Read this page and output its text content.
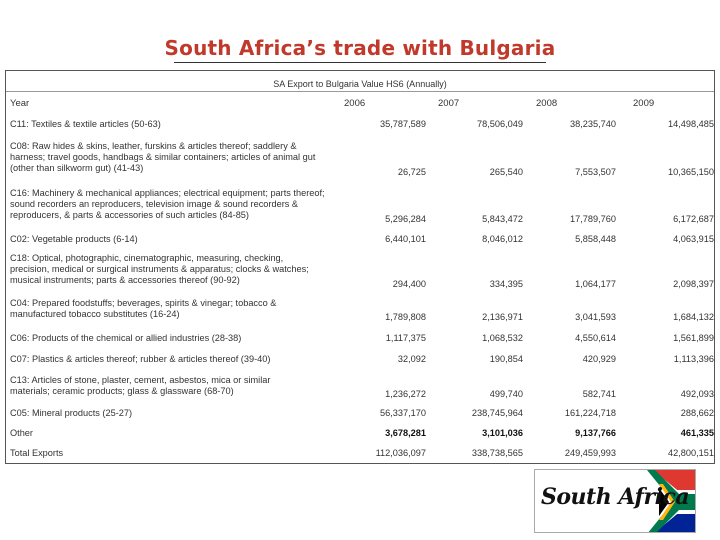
South Africa’s trade with Bulgaria
SA Export to Bulgaria Value HS6 (Annually)
Year	2006	2007	2008	2009
C11: Textiles & textile articles (50-63)	35,787,589	78,506,049	38,235,740	14,498,485
C08: Raw hides & skins, leather, furskins & articles thereof; saddlery & harness; travel goods, handbags & similar containers; articles of animal gut (other than silkworm gut) (41-43)	26,725	265,540	7,553,507	10,365,150
C16: Machinery & mechanical appliances; electrical equipment; parts thereof; sound recorders an reproducers, television image & sound recorders & reproducers, & parts & accessories of such articles (84-85)	5,296,284	5,843,472	17,789,760	6,172,687
C02: Vegetable products (6-14)	6,440,101	8,046,012	5,858,448	4,063,915
C18: Optical, photographic, cinematographic, measuring, checking, precision, medical or surgical instruments & apparatus; clocks & watches; musical instruments; parts & accessories thereof (90-92)	294,400	334,395	1,064,177	2,098,397
C04: Prepared foodstuffs; beverages, spirits & vinegar; tobacco & manufactured tobacco substitutes (16-24)	1,789,808	2,136,971	3,041,593	1,684,132
C06: Products of the chemical or allied industries (28-38)	1,117,375	1,068,532	4,550,614	1,561,899
C07: Plastics & articles thereof; rubber & articles thereof (39-40)	32,092	190,854	420,929	1,113,396
C13: Articles of stone, plaster, cement, asbestos, mica or similar materials; ceramic products; glass & glassware (68-70)	1,236,272	499,740	582,741	492,093
C05: Mineral products (25-27)	56,337,170	238,745,964	161,224,718	288,662
Other	3,678,281	3,101,036	9,137,766	461,335
Total Exports	112,036,097	338,738,565	249,459,993	42,800,151
South Africa
